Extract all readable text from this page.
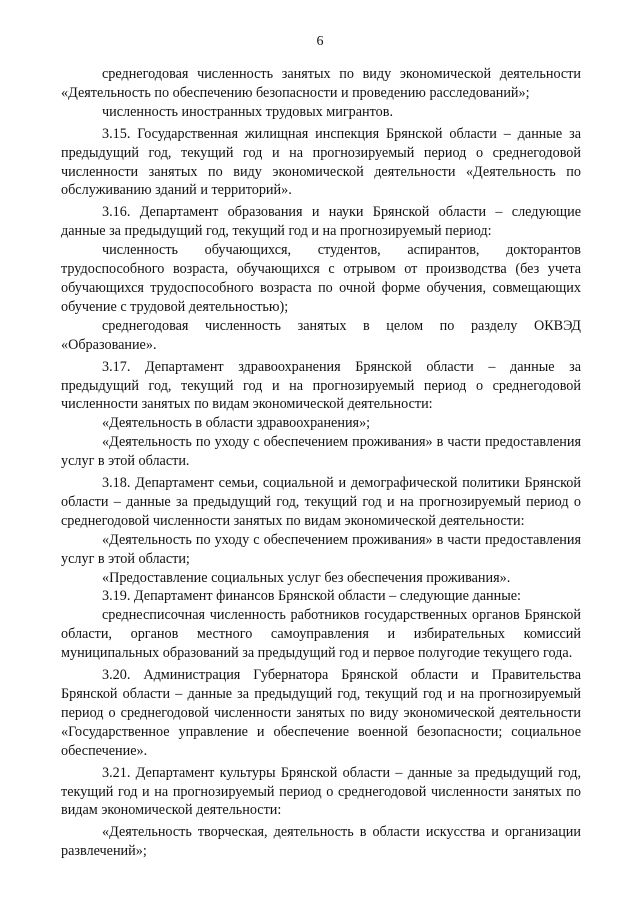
6

среднегодовая численность занятых по виду экономической деятельности «Деятельность по обеспечению безопасности и проведению расследований»;

численность иностранных трудовых мигрантов.

3.15. Государственная жилищная инспекция Брянской области – данные за предыдущий год, текущий год и на прогнозируемый период о среднегодовой численности занятых по виду экономической деятельности «Деятельность по обслуживанию зданий и территорий».

3.16. Департамент образования и науки Брянской области – следующие данные за предыдущий год, текущий год и на прогнозируемый период:

численность обучающихся, студентов, аспирантов, докторантов трудоспособного возраста, обучающихся с отрывом от производства (без учета обучающихся трудоспособного возраста по очной форме обучения, совмещающих обучение с трудовой деятельностью);

среднегодовая численность занятых в целом по разделу ОКВЭД «Образование».

3.17. Департамент здравоохранения Брянской области – данные за предыдущий год, текущий год и на прогнозируемый период о среднегодовой численности занятых по видам экономической деятельности:

«Деятельность в области здравоохранения»;

«Деятельность по уходу с обеспечением проживания» в части предоставления услуг в этой области.

3.18. Департамент семьи, социальной и демографической политики Брянской области – данные за предыдущий год, текущий год и на прогнозируемый период о среднегодовой численности занятых по видам экономической деятельности:

«Деятельность по уходу с обеспечением проживания» в части предоставления услуг в этой области;

«Предоставление социальных услуг без обеспечения проживания».

3.19. Департамент финансов Брянской области – следующие данные:

среднесписочная численность работников государственных органов Брянской области, органов местного самоуправления и избирательных комиссий муниципальных образований за предыдущий год и первое полугодие текущего года.

3.20. Администрация Губернатора Брянской области и Правительства Брянской области – данные за предыдущий год, текущий год и на прогнозируемый период о среднегодовой численности занятых по виду экономической деятельности «Государственное управление и обеспечение военной безопасности; социальное обеспечение».

3.21. Департамент культуры Брянской области – данные за предыдущий год, текущий год и на прогнозируемый период о среднегодовой численности занятых по видам экономической деятельности:

«Деятельность творческая, деятельность в области искусства и организации развлечений»;
